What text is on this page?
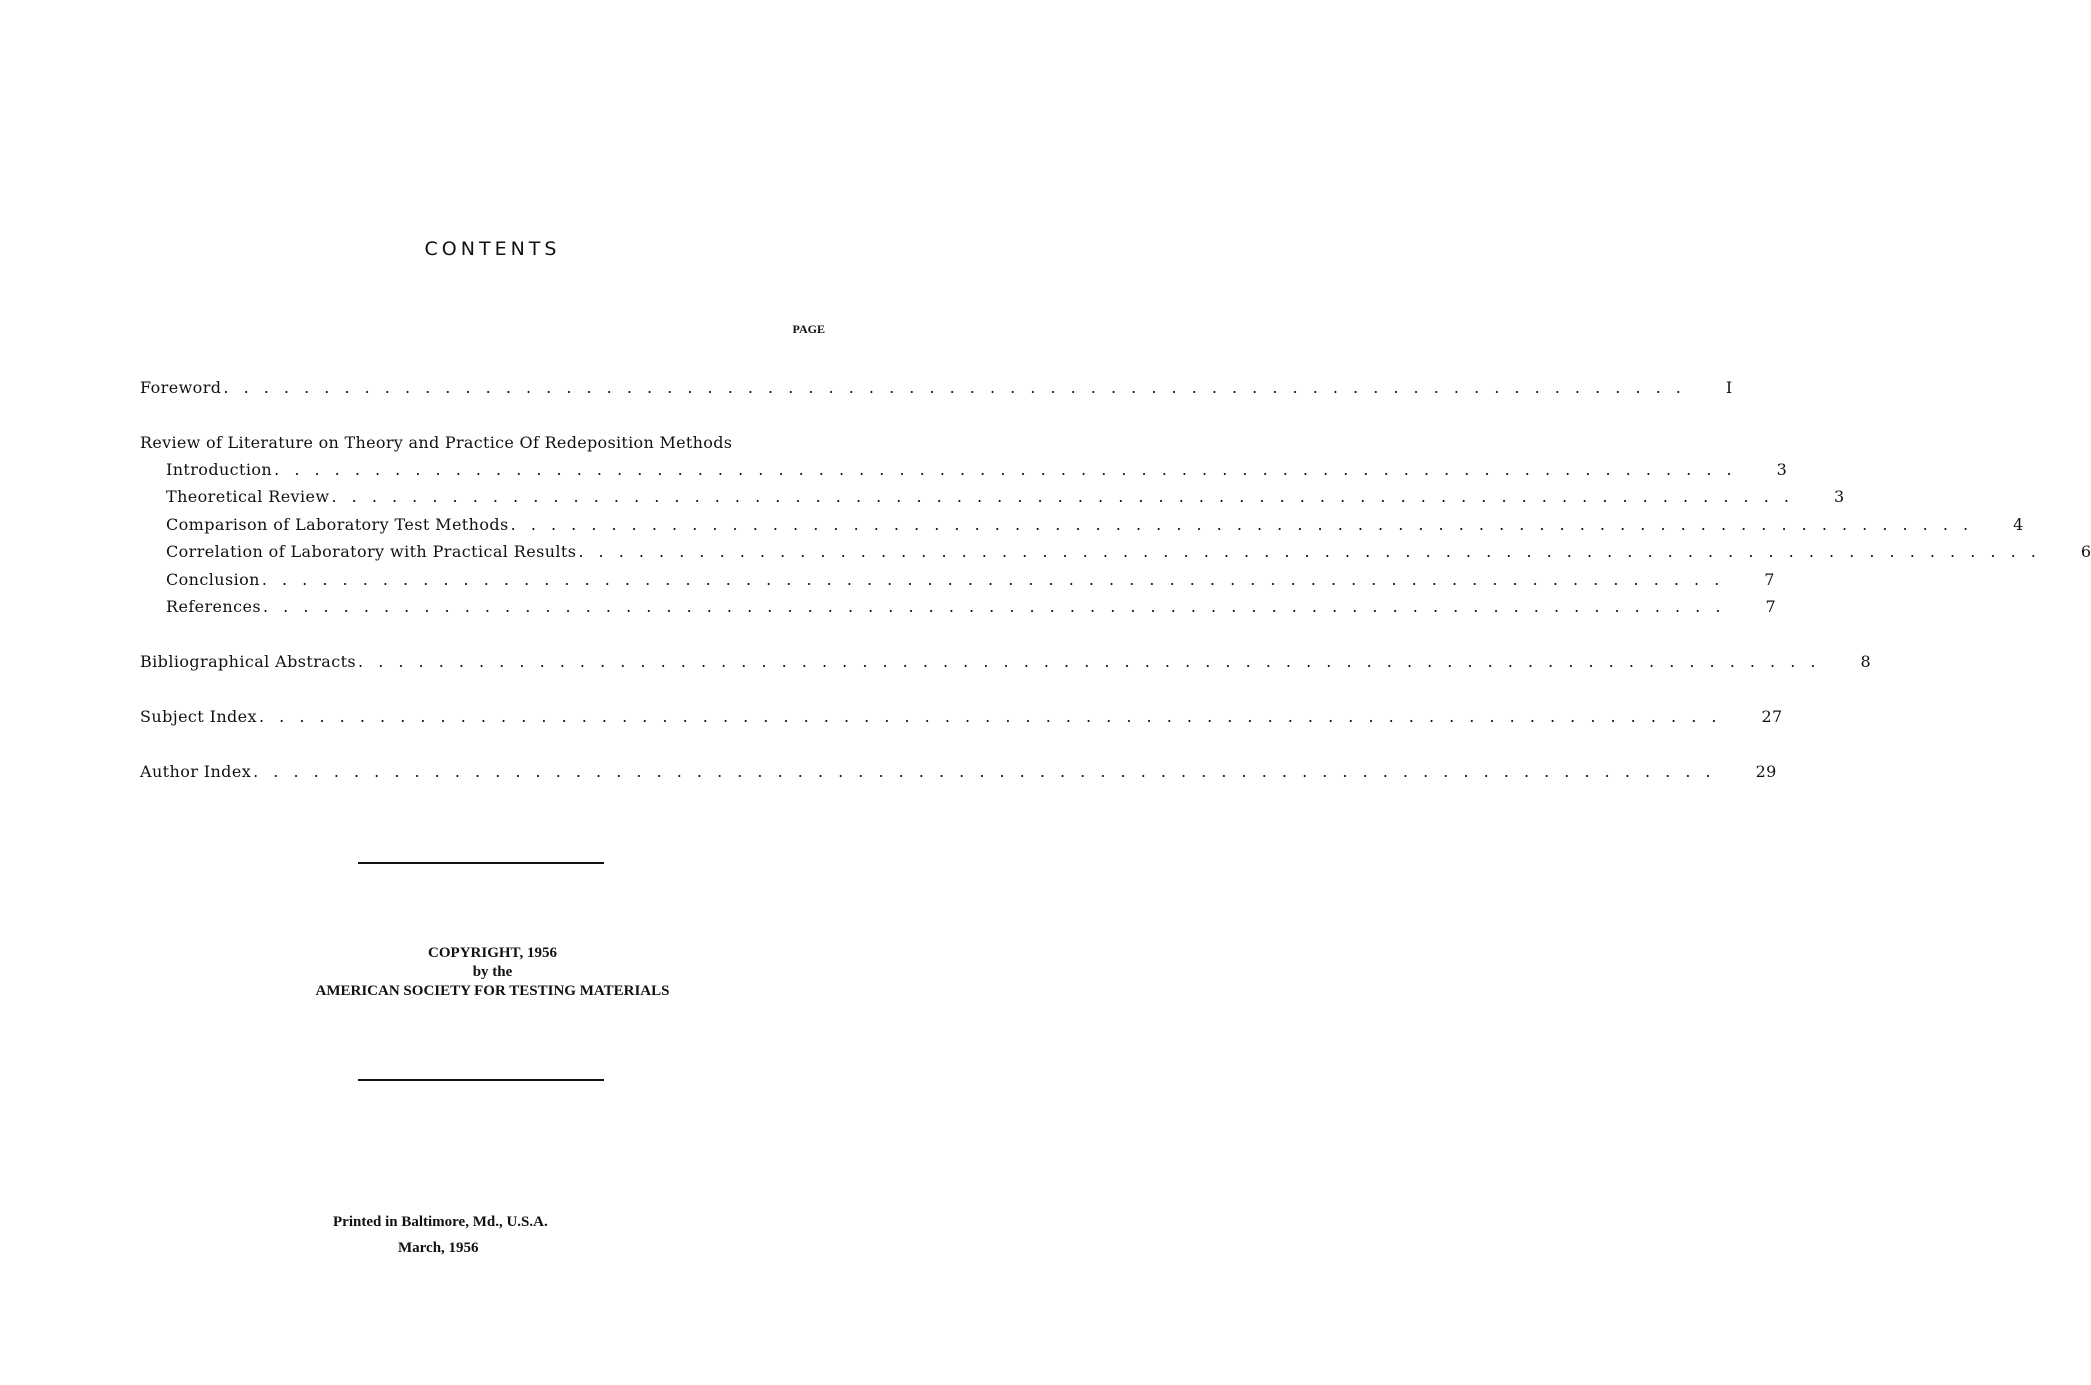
CONTENTS
PAGE
Foreword . . . . . . . . . . . . . . . . . . . . . . . . . . . . . . . . . . . . . . . . . . . . . . . . . . . . . . . . . . . . . . . . . . . . . . . . .	I
Review of Literature on Theory and Practice Of Redeposition Methods
Introduction . . . . . . . . . . . . . . . . . . . . . . . . . . . . . . . . . . . . . . . . . . . . . . . . . . . . . . . . . . . . . . . . . . . . . . . . .	3
Theoretical Review . . . . . . . . . . . . . . . . . . . . . . . . . . . . . . . . . . . . . . . . . . . . . . . . . . . . . . . . . . . . . . . . . . . . . . . . .	3
Comparison of Laboratory Test Methods . . . . . . . . . . . . . . . . . . . . . . . . . . . . . . . . . . . . . . . . . . . . . . . . . . . . . . . . . . . . . . . . . . . . . . . . .	4
Correlation of Laboratory with Practical Results . . . . . . . . . . . . . . . . . . . . . . . . . . . . . . . . . . . . . . . . . . . . . . . . . . . . . . . . . . . . . . . . . . . . . . . . .	6
Conclusion . . . . . . . . . . . . . . . . . . . . . . . . . . . . . . . . . . . . . . . . . . . . . . . . . . . . . . . . . . . . . . . . . . . . . . . . .	7
References . . . . . . . . . . . . . . . . . . . . . . . . . . . . . . . . . . . . . . . . . . . . . . . . . . . . . . . . . . . . . . . . . . . . . . . . .	7
Bibliographical Abstracts . . . . . . . . . . . . . . . . . . . . . . . . . . . . . . . . . . . . . . . . . . . . . . . . . . . . . . . . . . . . . . . . . . . . . . . . .	8
Subject Index . . . . . . . . . . . . . . . . . . . . . . . . . . . . . . . . . . . . . . . . . . . . . . . . . . . . . . . . . . . . . . . . . . . . . . . . .	27
Author Index . . . . . . . . . . . . . . . . . . . . . . . . . . . . . . . . . . . . . . . . . . . . . . . . . . . . . . . . . . . . . . . . . . . . . . . . .	29
COPYRIGHT, 1956
by the
AMERICAN SOCIETY FOR TESTING MATERIALS
Printed in Baltimore, Md., U.S.A.
March, 1956
